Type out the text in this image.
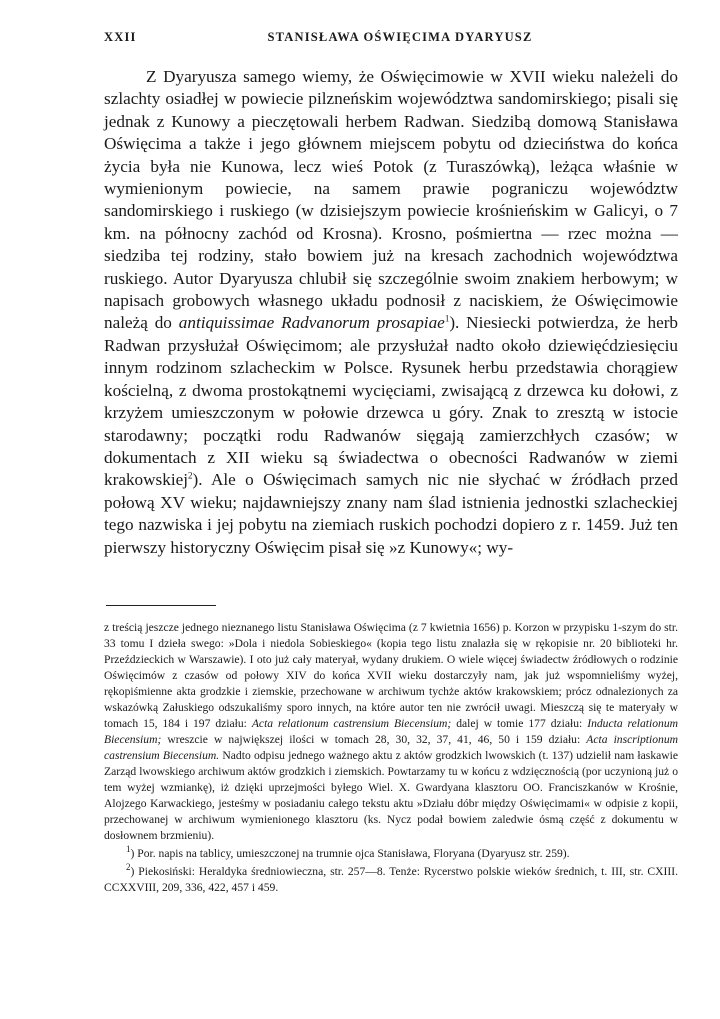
XXII	STANISŁAWA OŚWIĘCIMA DYARYUSZ

Z Dyaryusza samego wiemy, że Oświęcimowie w XVII wieku należeli do szlachty osiadłej w powiecie pilzneńskim województwa sandomirskiego; pisali się jednak z Kunowy a pieczętowali herbem Radwan. Siedzibą domową Stanisława Oświęcima a także i jego głównem miejscem pobytu od dzieciństwa do końca życia była nie Kunowa, lecz wieś Potok (z Turaszówką), leżąca właśnie w wymienionym powiecie, na samem prawie pograniczu województw sandomirskiego i ruskiego (w dzisiejszym powiecie krośnieńskim w Galicyi, o 7 km. na północny zachód od Krosna). Krosno, pośmiertna — rzec można — siedziba tej rodziny, stało bowiem już na kresach zachodnich województwa ruskiego. Autor Dyaryusza chlubił się szczególnie swoim znakiem herbowym; w napisach grobowych własnego układu podnosił z naciskiem, że Oświęcimowie należą do antiquissimae Radvanorum prosapiae$^1$). Niesiecki potwierdza, że herb Radwan przysłużał Oświęcimom; ale przysłużał nadto około dziewięćdziesięciu innym rodzinom szlacheckim w Polsce. Rysunek herbu przedstawia chorągiew kościelną, z dwoma prostokątnemi wycięciami, zwisającą z drzewca ku dołowi, z krzyżem umieszczonym w połowie drzewca u góry. Znak to zresztą w istocie starodawny; początki rodu Radwanów sięgają zamierzchłych czasów; w dokumentach z XII wieku są świadectwa o obecności Radwanów w ziemi krakowskiej$^2$). Ale o Oświęcimach samych nic nie słychać w źródłach przed połową XV wieku; najdawniejszy znany nam ślad istnienia jednostki szlacheckiej tego nazwiska i jej pobytu na ziemiach ruskich pochodzi dopiero z r. 1459. Już ten pierwszy historyczny Oświęcim pisał się »z Kunowy«; wy-

z treścią jeszcze jednego nieznanego listu Stanisława Oświęcima (z 7 kwietnia 1656) p. Korzon w przypisku 1-szym do str. 33 tomu I dzieła swego: »Dola i niedola Sobieskiego« (kopia tego listu znalazła się w rękopisie nr. 20 biblioteki hr. Przeździeckich w Warszawie). I oto już cały materyał, wydany drukiem. O wiele więcej świadectw źródłowych o rodzinie Oświęcimów z czasów od połowy XIV do końca XVII wieku dostarczyły nam, jak już wspomnieliśmy wyżej, rękopiśmienne akta grodzkie i ziemskie, przechowane w archiwum tychże aktów krakowskiem; prócz odnalezionych za wskazówką Załuskiego odszukaliśmy sporo innych, na które autor ten nie zwrócił uwagi. Mieszczą się te materyały w tomach 15, 184 i 197 działu: Acta relationum castrensium Biecensium; dalej w tomie 177 działu: Inducta relationum Biecensium; wreszcie w największej ilości w tomach 28, 30, 32, 37, 41, 46, 50 i 159 działu: Acta inscriptionum castrensium Biecensium. Nadto odpisu jednego ważnego aktu z aktów grodzkich lwowskich (t. 137) udzielił nam łaskawie Zarząd lwowskiego archiwum aktów grodzkich i ziemskich. Powtarzamy tu w końcu z wdzięcznością (por uczynioną już o tem wyżej wzmiankę), iż dzięki uprzejmości byłego Wiel. X. Gwardyana klasztoru OO. Franciszkanów w Krośnie, Alojzego Karwackiego, jesteśmy w posiadaniu całego tekstu aktu »Działu dóbr między Oświęcimami« w odpisie z kopii, przechowanej w archiwum wymienionego klasztoru (ks. Nycz podał bowiem zaledwie ósmą część z dokumentu w dosłownem brzmieniu).

$^1$) Por. napis na tablicy, umieszczonej na trumnie ojca Stanisława, Floryana (Dyaryusz str. 259).

$^2$) Piekosiński: Heraldyka średniowieczna, str. 257—8. Tenże: Rycerstwo polskie wieków średnich, t. III, str. CXIII. CCXXVIII, 209, 336, 422, 457 i 459.
